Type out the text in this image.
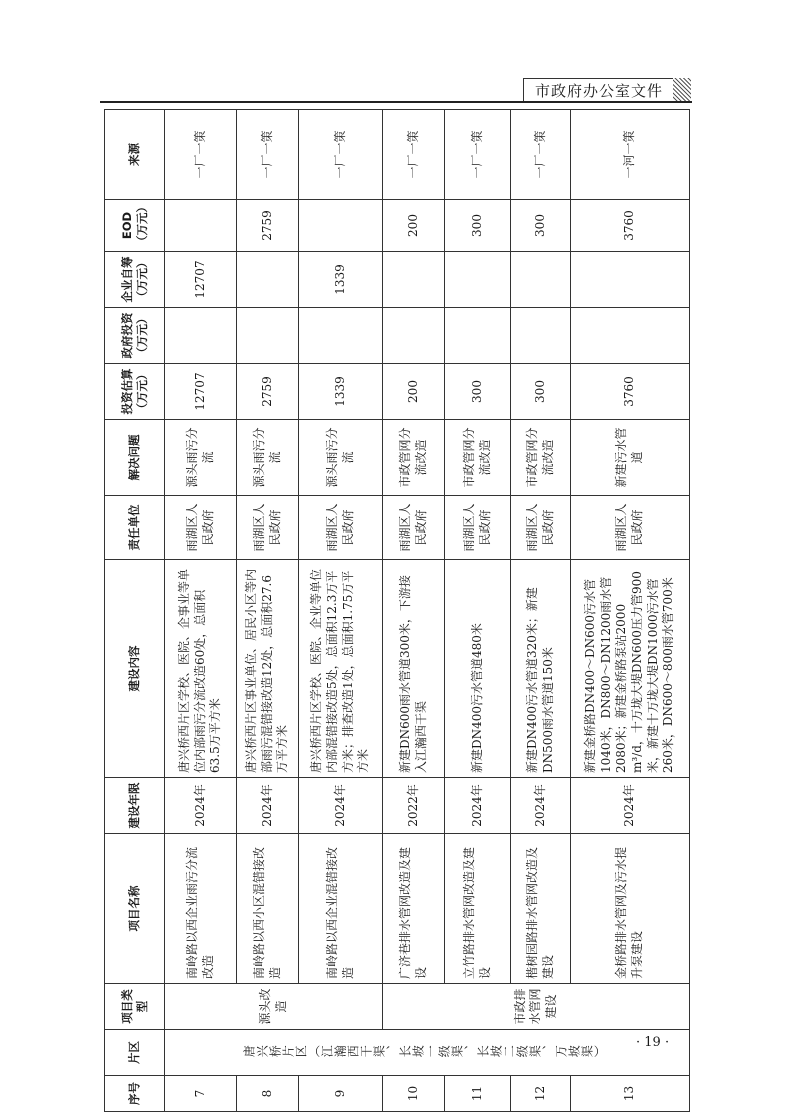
市政府办公室文件
序号	片区	项目类型	项目名称	建设年限	建设内容	责任单位	解决问题	投资估算（万元）	政府投资（万元）	企业自筹（万元）	EOD（万元）	来源
7	唐兴桥片区（江瀚西干渠、长坡一级渠、长坡二级渠、万坡渠）	源头改造	南岭路以西企业雨污分流改造	2024年	唐兴桥西片区学校、医院、企事业等单位内部雨污分流改造60处，总面积63.5万平方米	雨湖区人民政府	源头雨污分流	12707		12707		一厂一策
8			南岭路以西小区混错接改造	2024年	唐兴桥西片区事业单位、居民小区等内部雨污混错接改造12处，总面积27.6万平方米	雨湖区人民政府	源头雨污分流	2759			2759	一厂一策
9			南岭路以西企业混错接改造	2024年	唐兴桥西片区学校、医院、企业等单位内部混错接改造5处，总面积12.3万平方米；排查改造1处，总面积1.75万平方米	雨湖区人民政府	源头雨污分流	1339		1339		一厂一策
10		市政排水管网建设	广济巷排水管网改造及建设	2022年	新建DN600雨水管道300米，下游接入江瀚西干渠	雨湖区人民政府	市政管网分流改造	200			200	一厂一策
11			立竹路排水管网改造及建设	2024年	新建DN400污水管道480米	雨湖区人民政府	市政管网分流改造	300			300	一厂一策
12			楷树园路排水管网改造及建设	2024年	新建DN400污水管道320米；新建DN500雨水管道150米	雨湖区人民政府	市政管网分流改造	300			300	一厂一策
13			金桥路排水管网及污水提升泵建设	2024年	新建金桥路DN400～DN600污水管1040米，DN800～DN1200雨水管2080米；新建金桥路泵站2000 m³/d，十万垅大堤DN600压力管900米，新建十万垅大堤DN1000污水管260米，DN600～800雨水管700米	雨湖区人民政府	新建污水管道	3760			3760	一河一策
· 19 ·
